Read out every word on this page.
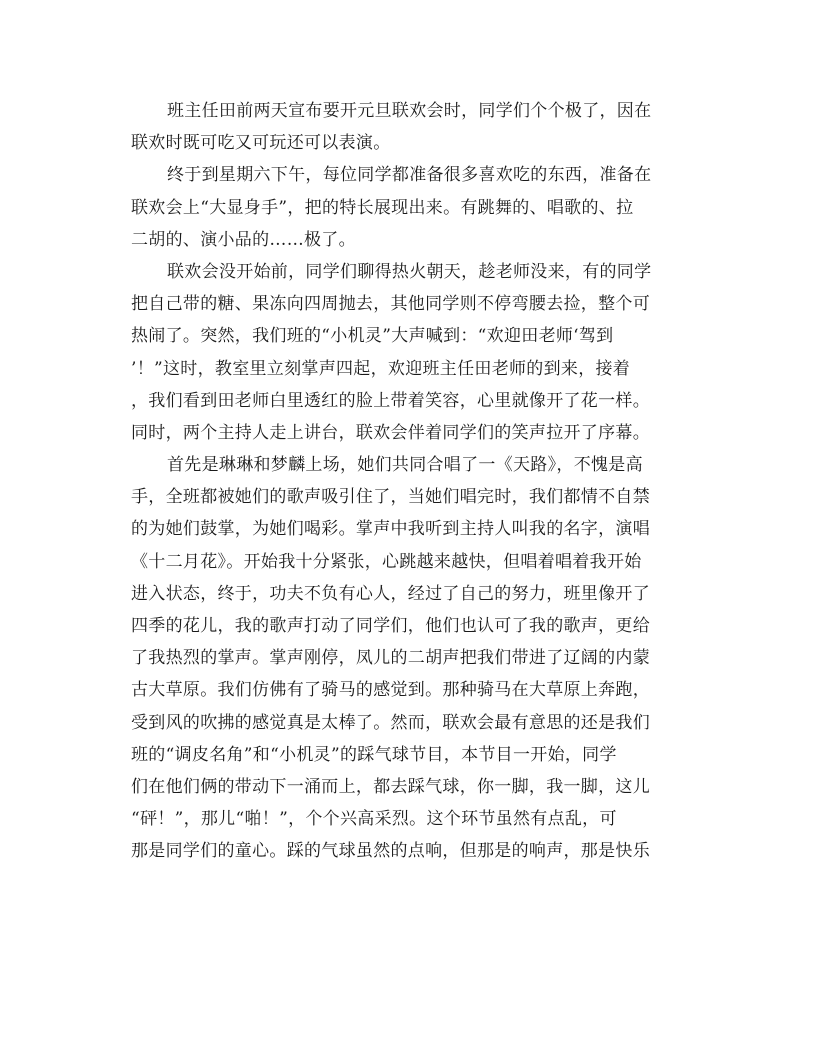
班主任田前两天宣布要开元旦联欢会时，同学们个个极了，因在
联欢时既可吃又可玩还可以表演。
终于到星期六下午，每位同学都准备很多喜欢吃的东西，准备在
联欢会上“大显身手”，把的特长展现出来。有跳舞的、唱歌的、拉
二胡的、演小品的……极了。
联欢会没开始前，同学们聊得热火朝天，趁老师没来，有的同学
把自己带的糖、果冻向四周抛去，其他同学则不停弯腰去捡，整个可
热闹了。突然，我们班的“小机灵”大声喊到：“欢迎田老师‘驾到
’！”这时，教室里立刻掌声四起，欢迎班主任田老师的到来，接着
，我们看到田老师白里透红的脸上带着笑容，心里就像开了花一样。
同时，两个主持人走上讲台，联欢会伴着同学们的笑声拉开了序幕。
首先是琳琳和梦麟上场，她们共同合唱了一《天路》，不愧是高
手，全班都被她们的歌声吸引住了，当她们唱完时，我们都情不自禁
的为她们鼓掌，为她们喝彩。掌声中我听到主持人叫我的名字，演唱
《十二月花》。开始我十分紧张，心跳越来越快，但唱着唱着我开始
进入状态，终于，功夫不负有心人，经过了自己的努力，班里像开了
四季的花儿，我的歌声打动了同学们，他们也认可了我的歌声，更给
了我热烈的掌声。掌声刚停，凤儿的二胡声把我们带进了辽阔的内蒙
古大草原。我们仿佛有了骑马的感觉到。那种骑马在大草原上奔跑，
受到风的吹拂的感觉真是太棒了。然而，联欢会最有意思的还是我们
班的“调皮名角”和“小机灵”的踩气球节目，本节目一开始，同学
们在他们俩的带动下一涌而上，都去踩气球，你一脚，我一脚，这儿
“砰！”，那儿“啪！”，个个兴高采烈。这个环节虽然有点乱，可
那是同学们的童心。踩的气球虽然的点响，但那是的响声，那是快乐
